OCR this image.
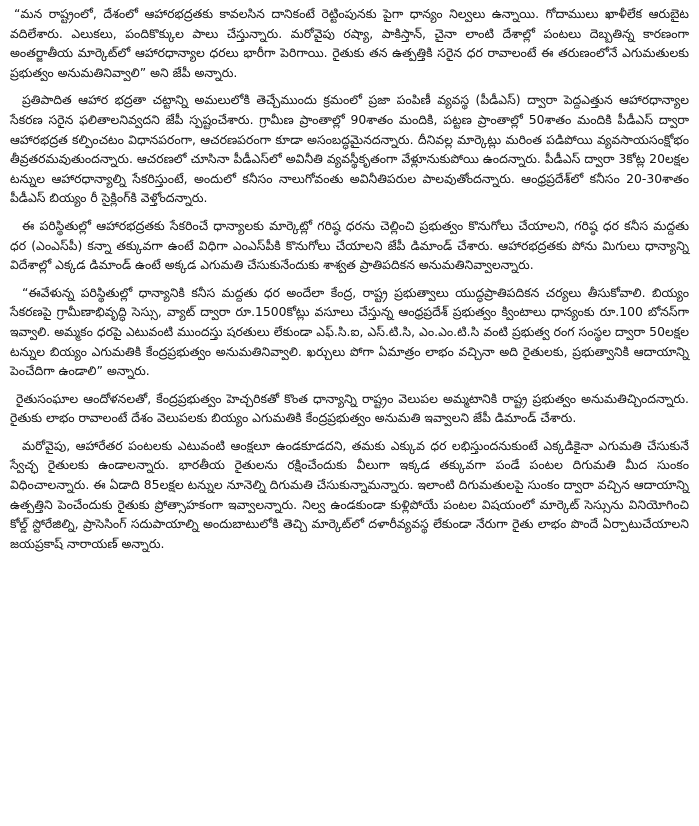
“మన రాష్ట్రంలో, దేశంలో ఆహారభద్రతకు కావలసిన దానికంటే రెట్టింపునకు పైగా ధాన్యం నిల్వలు ఉన్నాయి. గోదాములు ఖాళీలేక ఆరుబైట వదిలేశారు. ఎలుకలు, పందికొక్కుల పాలు చేస్తున్నారు. మరోవైపు రష్యా, పాకిస్తాన్, చైనా లాంటి దేశాల్లో పంటలు దెబ్బతిన్న కారణంగా అంతర్జాతీయ మార్కెట్‌లో ఆహారధాన్యాల ధరలు భారీగా పెరిగాయి. రైతుకు తన ఉత్పత్తికి సరైన ధర రావాలంటే ఈ తరుణంలోనే ఎగుమతులకు ప్రభుత్వం అనుమతినివ్వాలి” అని జేపీ అన్నారు.

ప్రతిపాదిత ఆహార భద్రతా చట్టాన్ని అమలులోకి తెచ్చేముందు క్రమంలో ప్రజా పంపిణీ వ్యవస్థ (పీడీఎస్) ద్వారా పెద్దఎత్తున ఆహారధాన్యాల సేకరణ సరైన ఫలితాలనివ్వదని జేపీ స్పష్టంచేశారు. గ్రామీణ ప్రాంతాల్లో 90శాతం మందికి, పట్టణ ప్రాంతాల్లో 50శాతం మందికి పీడీఎస్ ద్వారా ఆహారభద్రత కల్పించటం విధానపరంగా, ఆచరణపరంగా కూడా అసంబద్ధమైనదన్నారు. దీనివల్ల మార్కెట్లు మరింత పడిపోయి వ్యవసాయసంక్షోభం తీవ్రతరమవుతుందన్నారు. ఆచరణలో చూసినా పీడీఎస్‌లో అవినీతి వ్యవస్థీకృతంగా వేళ్లూనుకుపోయి ఉందన్నారు. పీడీఎస్ ద్వారా 3కోట్ల 20లక్షల టన్నుల ఆహారధాన్యాల్ని సేకరిస్తుంటే, అందులో కనీసం నాలుగోవంతు అవినీతిపరుల పాలవుతోందన్నారు. ఆంధ్రప్రదేశ్‌లో కనీసం 20-30శాతం పీడీఎస్ బియ్యం రీ సైక్లింగ్‌కి వెళ్తోందన్నారు.

ఈ పరిస్థితుల్లో ఆహారభద్రతకు సేకరించే ధాన్యాలకు మార్కెట్లో గరిష్ఠ ధరను చెల్లించి ప్రభుత్వం కొనుగోలు చేయాలని, గరిష్ఠ ధర కనీస మద్దతు ధర (ఎంఎస్‌పీ) కన్నా తక్కువగా ఉంటే విధిగా ఎంఎస్‌పీకి కొనుగోలు చేయాలని జేపీ డిమాండ్ చేశారు. ఆహారభద్రతకు పోను మిగులు ధాన్యాన్ని విదేశాల్లో ఎక్కడ డిమాండ్ ఉంటే అక్కడ ఎగుమతి చేసుకునేందుకు శాశ్వత ప్రాతిపదికన అనుమతినివ్వాలన్నారు.

“ఈవేళున్న పరిస్థితుల్లో ధాన్యానికి కనీస మద్దతు ధర అందేలా కేంద్ర, రాష్ట్ర ప్రభుత్వాలు యుద్ధప్రాతిపదికన చర్యలు తీసుకోవాలి. బియ్యం సేకరణపై గ్రామీణాభివృద్ధి సెస్సు, వ్యాట్ ద్వారా రూ.1500కోట్లు వసూలు చేస్తున్న ఆంధ్రప్రదేశ్ ప్రభుత్వం క్వింటాలు ధాన్యంకు రూ.100 బోనస్‌గా ఇవ్వాలి. అమ్మకం ధరపై ఎటువంటి ముందస్తు షరతులు లేకుండా ఎఫ్.సి.ఐ, ఎస్.టి.సి, ఎం.ఎం.టి.సి వంటి ప్రభుత్వ రంగ సంస్థల ద్వారా 50లక్షల టన్నుల బియ్యం ఎగుమతికి కేంద్రప్రభుత్వం అనుమతినివ్వాలి. ఖర్చులు పోగా ఏమాత్రం లాభం వచ్చినా అది రైతులకు, ప్రభుత్వానికి ఆదాయాన్ని పెంచేదిగా ఉండాలి” అన్నారు.

రైతుసంఘాల ఆందోళనలతో, కేంద్రప్రభుత్వం హెచ్చరికతో కొంత ధాన్యాన్ని రాష్ట్రం వెలుపల అమ్మటానికి రాష్ట్ర ప్రభుత్వం అనుమతిచ్చిందన్నారు. రైతుకు లాభం రావాలంటే దేశం వెలుపలకు బియ్యం ఎగుమతికి కేంద్రప్రభుత్వం అనుమతి ఇవ్వాలని జేపీ డిమాండ్ చేశారు.

మరోవైపు, ఆహారేతర పంటలకు ఎటువంటి ఆంక్షలూ ఉండకూడదని, తమకు ఎక్కువ ధర లభిస్తుందనుకుంటే ఎక్కడికైనా ఎగుమతి చేసుకునే స్వేచ్ఛ రైతులకు ఉండాలన్నారు. భారతీయ రైతులను రక్షించేందుకు వీలుగా ఇక్కడ తక్కువగా పండే పంటల దిగుమతి మీద సుంకం విధించాలన్నారు. ఈ ఏడాది 85లక్షల టన్నుల నూనెల్ని దిగుమతి చేసుకున్నామన్నారు. ఇలాంటి దిగుమతులపై సుంకం ద్వారా వచ్చిన ఆదాయాన్ని ఉత్పత్తిని పెంచేందుకు రైతుకు ప్రోత్సాహకంగా ఇవ్వాలన్నారు. నిల్వ ఉండకుండా కుళ్లిపోయే పంటల విషయంలో మార్కెట్ సెస్సును వినియోగించి కోల్డ్ స్టోరేజిల్ని, ప్రాసెసింగ్ సదుపాయాల్ని అందుబాటులోకి తెచ్చి మార్కెట్‌లో దళారీవ్యవస్థ లేకుండా నేరుగా రైతు లాభం పొందే ఏర్పాటుచేయాలని జయప్రకాష్ నారాయణ్ అన్నారు.
